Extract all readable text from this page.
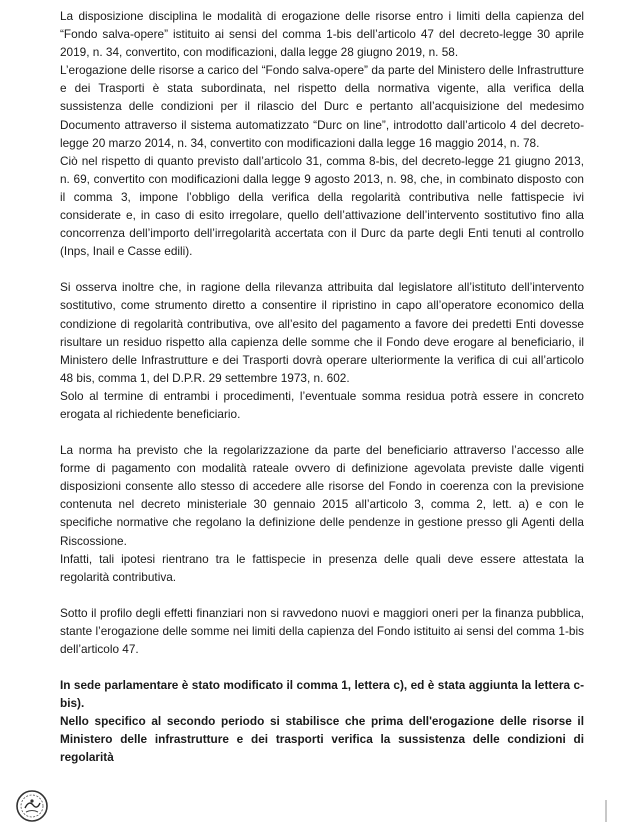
La disposizione disciplina le modalità di erogazione delle risorse entro i limiti della capienza del “Fondo salva-opere” istituito ai sensi del comma 1-bis dell’articolo 47 del decreto-legge 30 aprile 2019, n. 34, convertito, con modificazioni, dalla legge 28 giugno 2019, n. 58.

L’erogazione delle risorse a carico del “Fondo salva-opere” da parte del Ministero delle Infrastrutture e dei Trasporti è stata subordinata, nel rispetto della normativa vigente, alla verifica della sussistenza delle condizioni per il rilascio del Durc e pertanto all’acquisizione del medesimo Documento attraverso il sistema automatizzato “Durc on line”, introdotto dall’articolo 4 del decreto-legge 20 marzo 2014, n. 34, convertito con modificazioni dalla legge 16 maggio 2014, n. 78.

Ciò nel rispetto di quanto previsto dall’articolo 31, comma 8-bis, del decreto-legge 21 giugno 2013, n. 69, convertito con modificazioni dalla legge 9 agosto 2013, n. 98, che, in combinato disposto con il comma 3, impone l’obbligo della verifica della regolarità contributiva nelle fattispecie ivi considerate e, in caso di esito irregolare, quello dell’attivazione dell’intervento sostitutivo fino alla concorrenza dell’importo dell’irregolarità accertata con il Durc da parte degli Enti tenuti al controllo (Inps, Inail e Casse edili).

Si osserva inoltre che, in ragione della rilevanza attribuita dal legislatore all’istituto dell’intervento sostitutivo, come strumento diretto a consentire il ripristino in capo all’operatore economico della condizione di regolarità contributiva, ove all’esito del pagamento a favore dei predetti Enti dovesse risultare un residuo rispetto alla capienza delle somme che il Fondo deve erogare al beneficiario, il Ministero delle Infrastrutture e dei Trasporti dovrà operare ulteriormente la verifica di cui all’articolo 48 bis, comma 1, del D.P.R. 29 settembre 1973, n. 602.

Solo al termine di entrambi i procedimenti, l’eventuale somma residua potrà essere in concreto erogata al richiedente beneficiario.

La norma ha previsto che la regolarizzazione da parte del beneficiario attraverso l’accesso alle forme di pagamento con modalità rateale ovvero di definizione agevolata previste dalle vigenti disposizioni consente allo stesso di accedere alle risorse del Fondo in coerenza con la previsione contenuta nel decreto ministeriale 30 gennaio 2015 all’articolo 3, comma 2, lett. a) e con le specifiche normative che regolano la definizione delle pendenze in gestione presso gli Agenti della Riscossione.

Infatti, tali ipotesi rientrano tra le fattispecie in presenza delle quali deve essere attestata la regolarità contributiva.

Sotto il profilo degli effetti finanziari non si ravvedono nuovi e maggiori oneri per la finanza pubblica, stante l’erogazione delle somme nei limiti della capienza del Fondo istituito ai sensi del comma 1-bis dell’articolo 47.

In sede parlamentare è stato modificato il comma 1, lettera c), ed è stata aggiunta la lettera c-bis).

Nello specifico al secondo periodo si stabilisce che prima dell'erogazione delle risorse il Ministero delle infrastrutture e dei trasporti verifica la sussistenza delle condizioni di regolarità
